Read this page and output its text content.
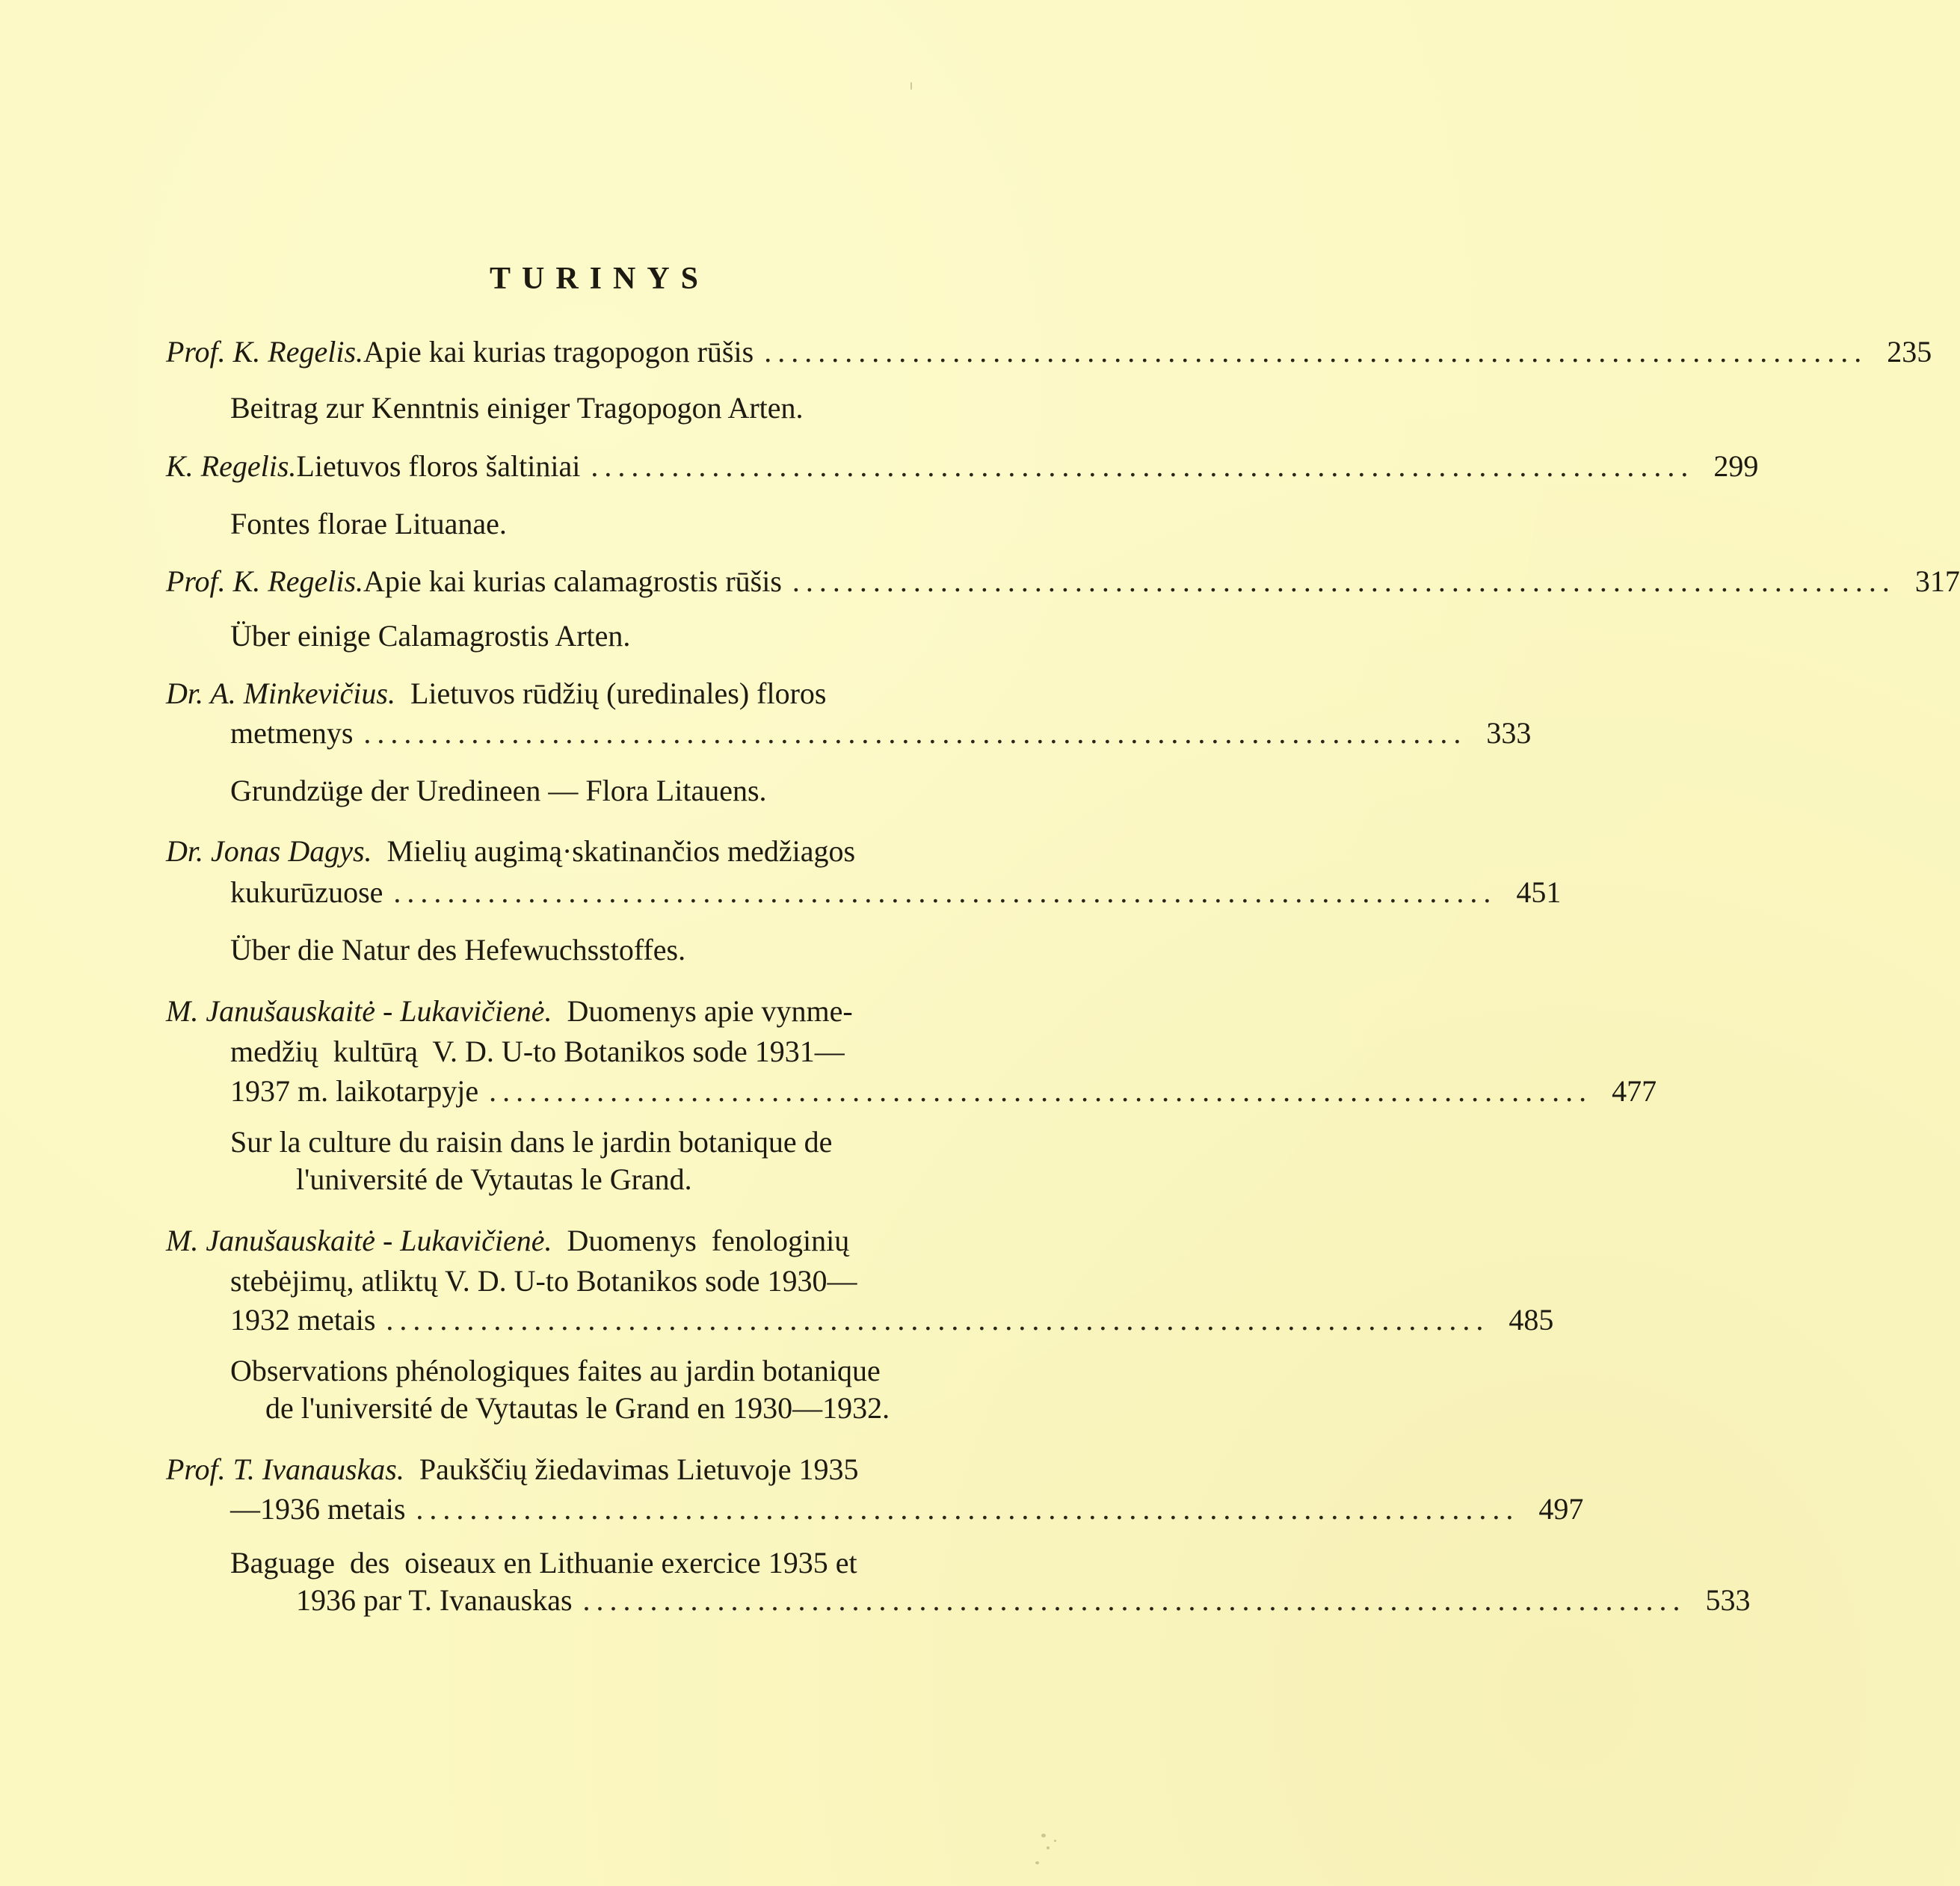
TURINYS
Prof. K. Regelis. Apie kai kurias tragopogon rūšis .................................................................................. 235
Beitrag zur Kenntnis einiger Tragopogon Arten.
K. Regelis. Lietuvos floros šaltiniai .................................................................................. 299
Fontes florae Lituanae.
Prof. K. Regelis. Apie kai kurias calamagrostis rūšis .................................................................................. 317
Über einige Calamagrostis Arten.
Dr. A. Minkevičius. Lietuvos rūdžių (uredinales) floros
metmenys .................................................................................. 333
Grundzüge der Uredineen — Flora Litauens.
Dr. Jonas Dagys. Mielių augimą·skatinančios medžiagos
kukurūzuose .................................................................................. 451
Über die Natur des Hefewuchsstoffes.
M. Janušauskaitė - Lukavičienė. Duomenys apie vynme-
medžių  kultūrą  V. D. U-to Botanikos sode 1931—
1937 m. laikotarpyje .................................................................................. 477
Sur la culture du raisin dans le jardin botanique de
l'université de Vytautas le Grand.
M. Janušauskaitė - Lukavičienė. Duomenys  fenologinių
stebėjimų, atliktų V. D. U-to Botanikos sode 1930—
1932 metais .................................................................................. 485
Observations phénologiques faites au jardin botanique
de l'université de Vytautas le Grand en 1930—1932.
Prof. T. Ivanauskas. Paukščių žiedavimas Lietuvoje 1935
—1936 metais .................................................................................. 497
Baguage  des  oiseaux en Lithuanie exercice 1935 et
1936 par T. Ivanauskas .................................................................................. 533
